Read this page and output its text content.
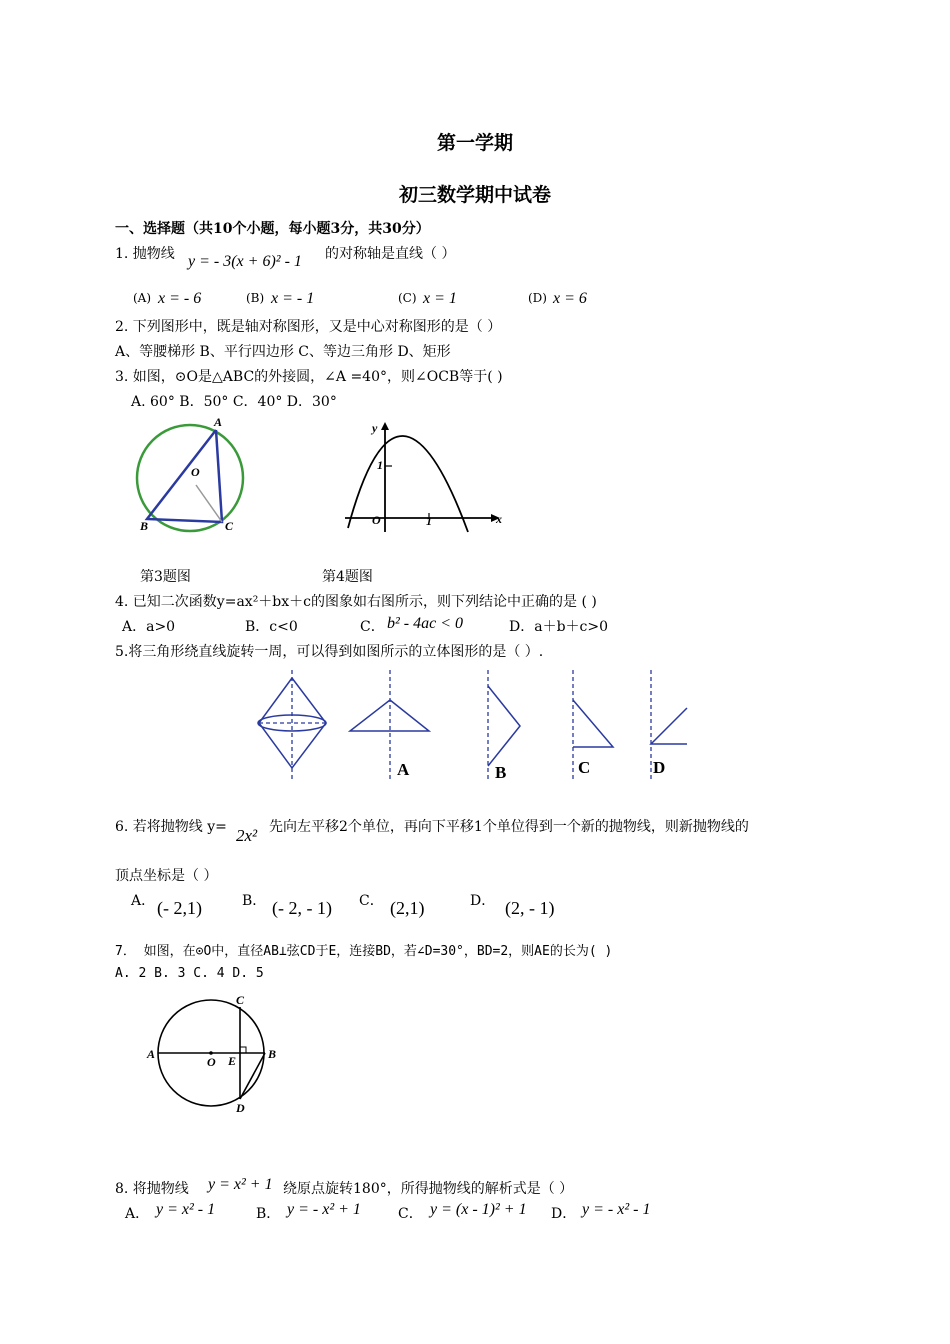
第一学期
初三数学期中试卷
一、选择题（共10个小题，每小题3分，共30分）
1. 抛物线 y = - 3(x + 6)² - 1 的对称轴是直线（ ）
(A) x = - 6	(B) x = - 1	(C) x = 1	(D) x = 6
2. 下列图形中，既是轴对称图形，又是中心对称图形的是（ ）
A、等腰梯形 B、平行四边形 C、等边三角形 D、矩形
3. 如图，⊙O是△ABC的外接圆，∠A =40°，则∠OCB等于( )
A. 60° B．50° C．40° D．30°
A
O
B	C
y
1
O	1	x
第3题图	第4题图
4. 已知二次函数y=ax²＋bx＋c的图象如右图所示，则下列结论中正确的是 ( )
A．a>0	B．c<0	C． b² - 4ac < 0	D．a＋b＋c>0
5.将三角形绕直线旋转一周，可以得到如图所示的立体图形的是（ ）.
A	B	C	D
6. 若将抛物线 y= 2x² 先向左平移2个单位，再向下平移1个单位得到一个新的抛物线，则新抛物线的
顶点坐标是（ ）
A． (- 2,1)	B． (- 2, - 1) C． (2,1)	D． (2, - 1)
7． 如图，在⊙O中，直径AB⊥弦CD于E，连接BD，若∠D=30°，BD=2，则AE的长为( )
A. 2 B. 3 C. 4 D. 5
C
A
O E	B
D
8. 将抛物线 y = x² + 1 绕原点旋转180°，所得抛物线的解析式是（ ）
A． y = x² - 1	B． y = - x² + 1	C． y = (x - 1)² + 1 D． y = - x² - 1
